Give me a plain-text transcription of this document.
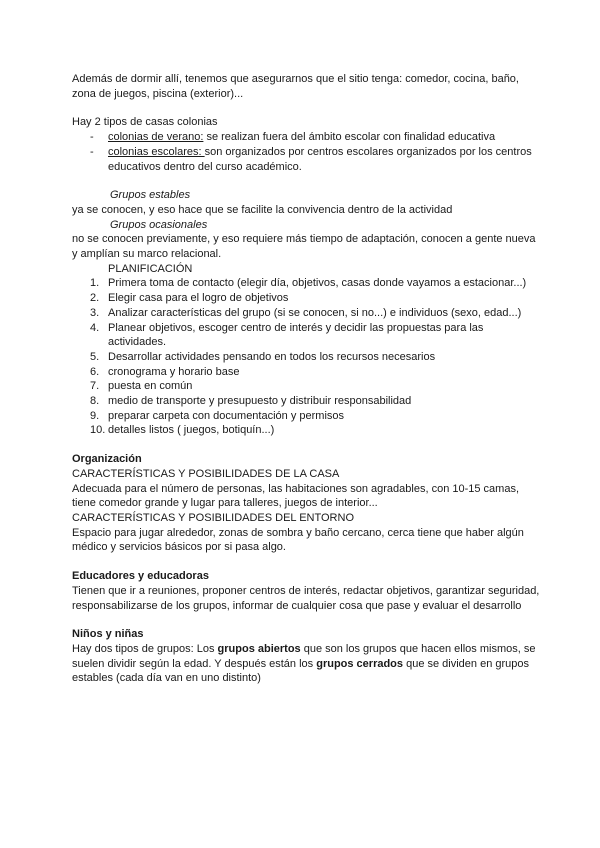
Además de dormir allí, tenemos que asegurarnos que el sitio tenga: comedor, cocina, baño, zona de juegos, piscina (exterior)...

Hay 2 tipos de casas colonias

- colonias de verano: se realizan fuera del ámbito escolar con finalidad educativa
- colonias escolares: son organizados por centros escolares organizados por los centros educativos dentro del curso académico.

Grupos estables

ya se conocen, y eso hace que se facilite la convivencia dentro de la actividad

Grupos ocasionales

no se conocen previamente, y eso requiere más tiempo de adaptación, conocen a gente nueva y amplían su marco relacional.

PLANIFICACIÓN

1. Primera toma de contacto (elegir día, objetivos, casas donde vayamos a estacionar...)
2. Elegir casa para el logro de objetivos
3. Analizar características del grupo (si se conocen, si no...) e individuos (sexo, edad...)
4. Planear objetivos, escoger centro de interés y decidir las propuestas para las actividades.
5. Desarrollar actividades pensando en todos los recursos necesarios
6. cronograma y horario base
7. puesta en común
8. medio de transporte y presupuesto y distribuir responsabilidad
9. preparar carpeta con documentación y permisos
10. detalles listos ( juegos, botiquín...)

Organización

CARACTERÍSTICAS Y POSIBILIDADES DE LA CASA

Adecuada para el número de personas, las habitaciones son agradables, con 10-15 camas, tiene comedor grande y lugar para talleres, juegos de interior...

CARACTERÍSTICAS Y POSIBILIDADES DEL ENTORNO

Espacio para jugar alrededor, zonas de sombra y baño cercano, cerca tiene que haber algún médico y servicios básicos por si pasa algo.

Educadores y educadoras

Tienen que ir a reuniones, proponer centros de interés, redactar objetivos, garantizar seguridad, responsabilizarse de los grupos, informar de cualquier cosa que pase y evaluar el desarrollo

Niños y niñas

Hay dos tipos de grupos: Los grupos abiertos que son los grupos que hacen ellos mismos, se suelen dividir según la edad. Y después están los grupos cerrados que se dividen en grupos estables (cada día van en uno distinto)
